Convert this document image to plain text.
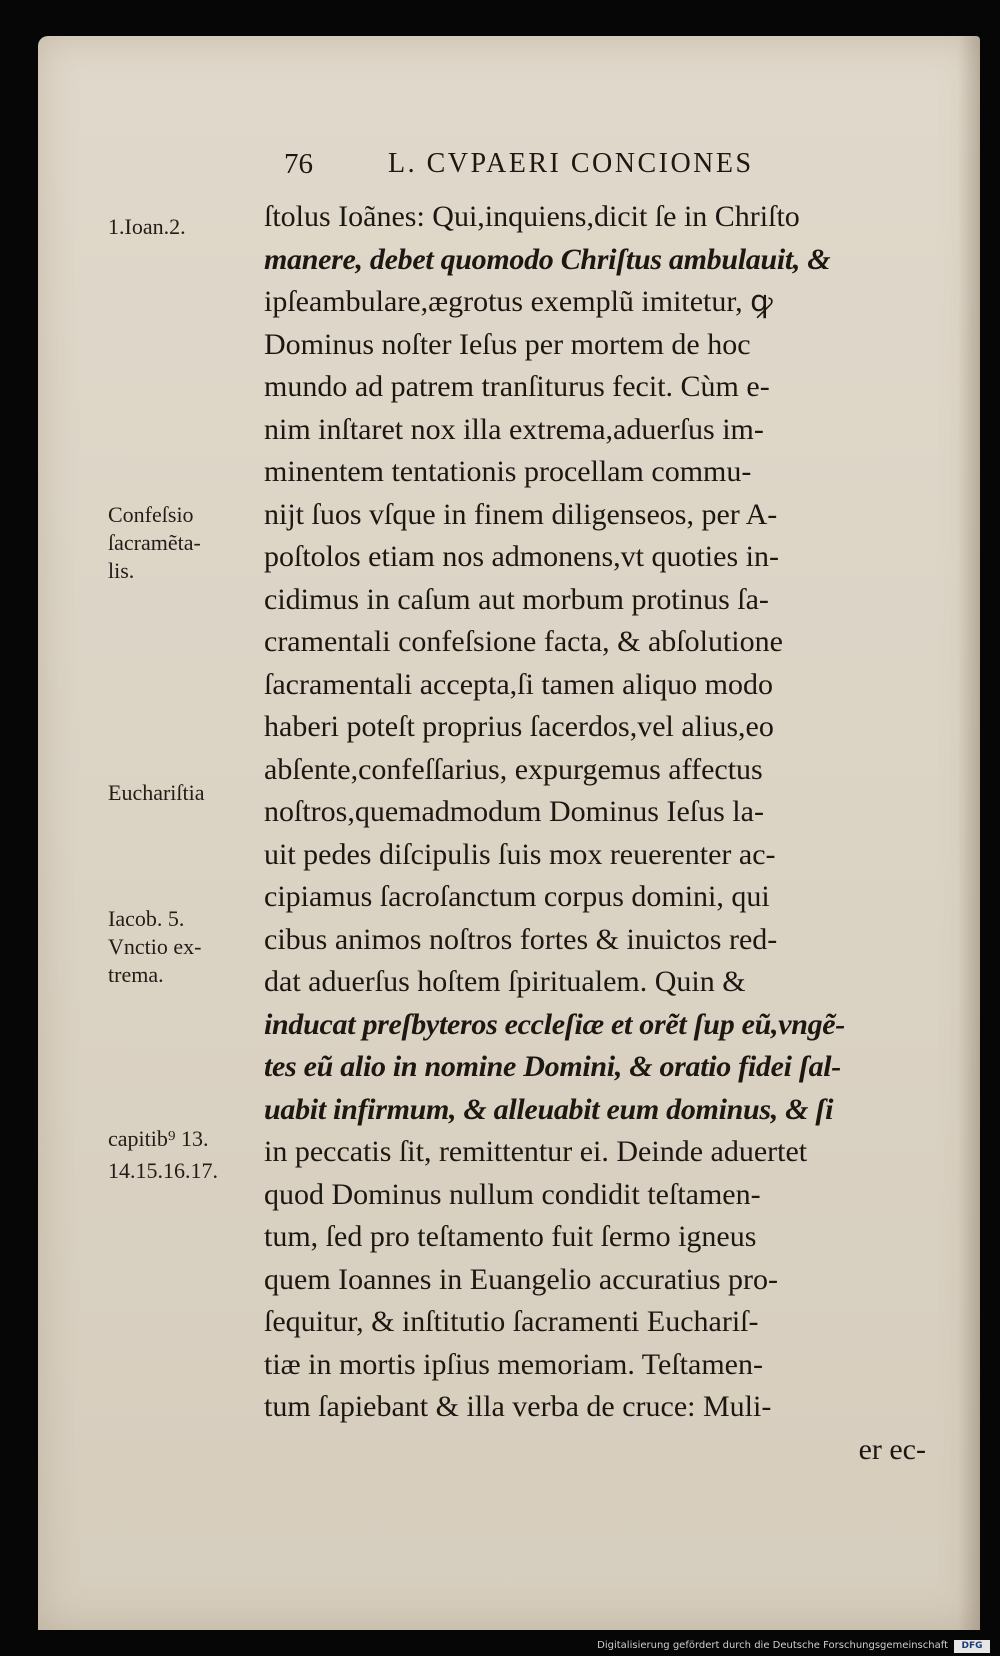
76	L. CVPAERI CONCIONES
ſtolus Ioãnes: Qui,inquiens,dicit ſe in Chriſto
manere, debet quomodo Chriſtus ambulauit, &
ipſeambulare,ægrotus exemplũ imitetur, ꝙ
Dominus noſter Ieſus per mortem de hoc
mundo ad patrem tranſiturus fecit. Cùm e-
nim inſtaret nox illa extrema,aduerſus im-
minentem tentationis procellam commu-
nijt ſuos vſque in finem diligenseos, per A-
poſtolos etiam nos admonens,vt quoties in-
cidimus in caſum aut morbum protinus ſa-
cramentali confeſsione facta, & abſolutione
ſacramentali accepta,ſi tamen aliquo modo
haberi poteſt proprius ſacerdos,vel alius,eo
abſente,confeſſarius, expurgemus affectus
noſtros,quemadmodum Dominus Ieſus la-
uit pedes diſcipulis ſuis mox reuerenter ac-
cipiamus ſacroſanctum corpus domini, qui
cibus animos noſtros fortes & inuictos red-
dat aduerſus hoſtem ſpiritualem. Quin &
inducat preſbyteros eccleſiæ et orẽt ſup eũ,vngẽ-
tes eũ alio in nomine Domini, & oratio fidei ſal-
uabit infirmum, & alleuabit eum dominus, & ſi
in peccatis ſit, remittentur ei. Deinde aduertet
quod Dominus nullum condidit teſtamen-
tum, ſed pro teſtamento fuit ſermo igneus
quem Ioannes in Euangelio accuratius pro-
ſequitur, & inſtitutio ſacramenti Euchariſ-
tiæ in mortis ipſius memoriam. Teſtamen-
tum ſapiebant & illa verba de cruce: Muli-
er ec-
1.Ioan.2.
Confeſsio
ſacramẽta-
lis.
Euchariſtia
Iacob. 5.
Vnctio ex-
trema.
capitib⁹ 13.
14.15.16.17.
Digitalisierung gefördert durch die Deutsche Forschungsgemeinschaft	DFG
